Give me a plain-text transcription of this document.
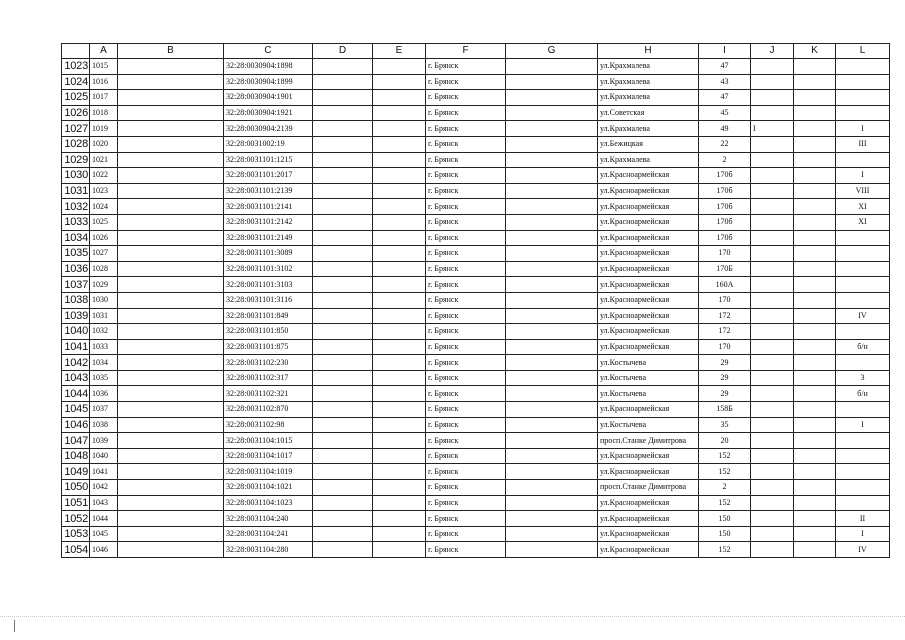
	A	B	C	D	E	F	G	H	I	J	K	L
1023	1015		32:28:0030904:1898			г. Брянск		ул.Крахмалева	47			
1024	1016		32:28:0030904:1899			г. Брянск		ул.Крахмалева	43			
1025	1017		32:28:0030904:1901			г. Брянск		ул.Крахмалева	47			
1026	1018		32:28:0030904:1921			г. Брянск		ул.Советская	45			
1027	1019		32:28:0030904:2139			г. Брянск		ул.Крахмалева	49	I		I
1028	1020		32:28:0031002:19			г. Брянск		ул.Бежицкая	22			III
1029	1021		32:28:0031101:1215			г. Брянск		ул.Крахмалева	2			
1030	1022		32:28:0031101:2017			г. Брянск		ул.Красноармейская	170б			I
1031	1023		32:28:0031101:2139			г. Брянск		ул.Красноармейская	170б			VIII
1032	1024		32:28:0031101:2141			г. Брянск		ул.Красноармейская	170б			XI
1033	1025		32:28:0031101:2142			г. Брянск		ул.Красноармейская	170б			XI
1034	1026		32:28:0031101:2149			г. Брянск		ул.Красноармейская	170б			
1035	1027		32:28:0031101:3089			г. Брянск		ул.Красноармейская	170			
1036	1028		32:28:0031101:3102			г. Брянск		ул.Красноармейская	170Б			
1037	1029		32:28:0031101:3103			г. Брянск		ул.Красноармейская	160А			
1038	1030		32:28:0031101:3116			г. Брянск		ул.Красноармейская	170			
1039	1031		32:28:0031101:849			г. Брянск		ул.Красноармейская	172			IV
1040	1032		32:28:0031101:850			г. Брянск		ул.Красноармейская	172			
1041	1033		32:28:0031101:875			г. Брянск		ул.Красноармейская	170			б/н
1042	1034		32:28:0031102:230			г. Брянск		ул.Костычева	29			
1043	1035		32:28:0031102:317			г. Брянск		ул.Костычева	29			3
1044	1036		32:28:0031102:321			г. Брянск		ул.Костычева	29			б/н
1045	1037		32:28:0031102:870			г. Брянск		ул.Красноармейская	158Б			
1046	1038		32:28:0031102:98			г. Брянск		ул.Костычева	35			I
1047	1039		32:28:0031104:1015			г. Брянск		просп.Станке Димитрова	20			
1048	1040		32:28:0031104:1017			г. Брянск		ул.Красноармейская	152			
1049	1041		32:28:0031104:1019			г. Брянск		ул.Красноармейская	152			
1050	1042		32:28:0031104:1021			г. Брянск		просп.Станке Димитрова	2			
1051	1043		32:28:0031104:1023			г. Брянск		ул.Красноармейская	152			
1052	1044		32:28:0031104:240			г. Брянск		ул.Красноармейская	150			II
1053	1045		32:28:0031104:241			г. Брянск		ул.Красноармейская	150			I
1054	1046		32:28:0031104:280			г. Брянск		ул.Красноармейская	152			IV
